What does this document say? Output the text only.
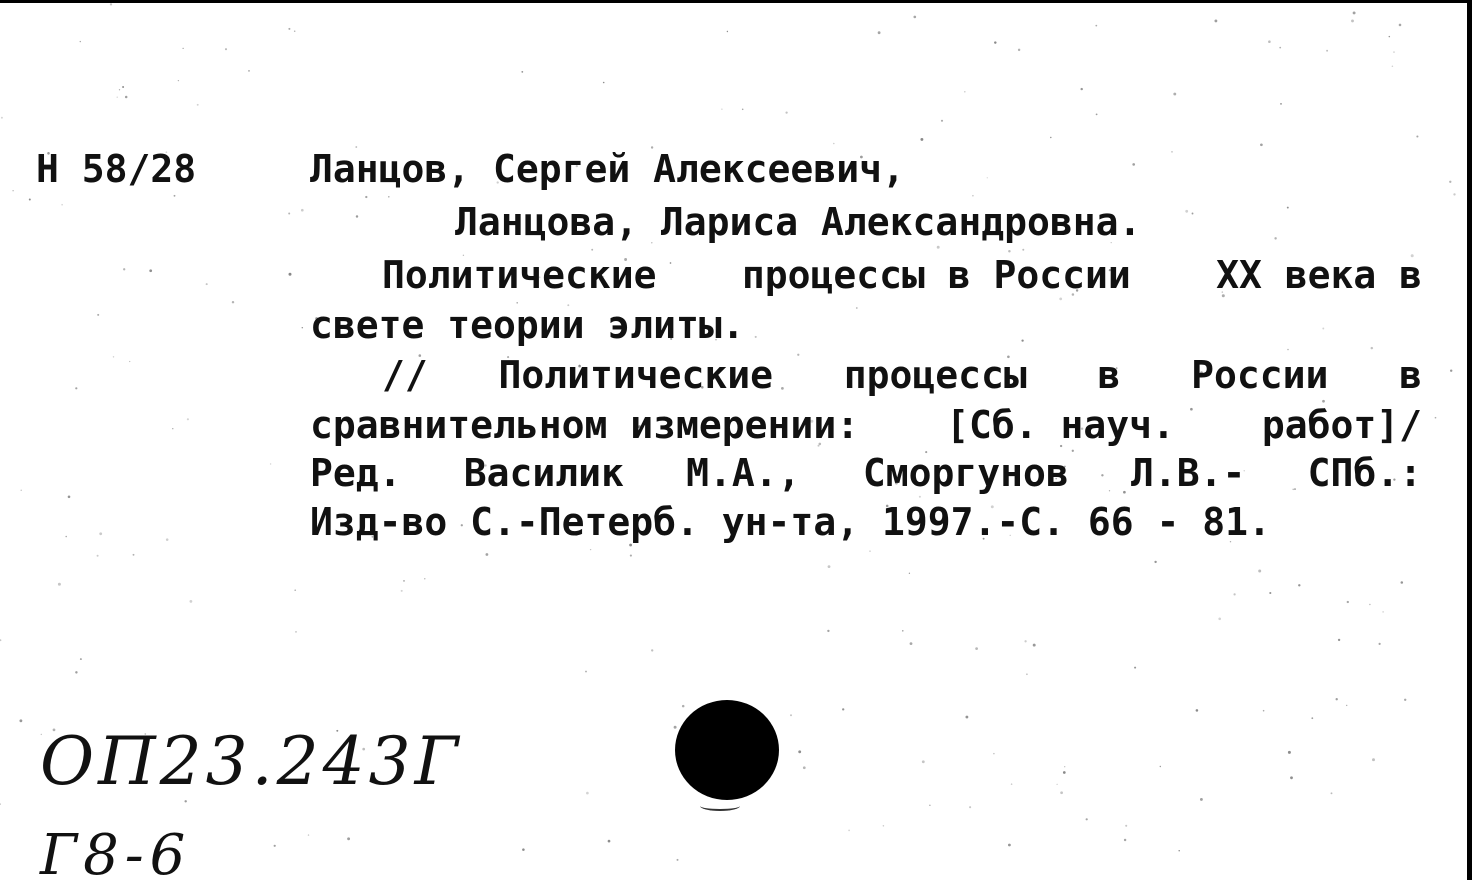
Н 58/28	Ланцов, Сергей Алексеевич,
Ланцова, Лариса Александровна.
Политические процессы в России XX века в
свете теории элиты.
// Политические процессы в России в
сравнительном измерении: [Сб. науч. работ]/
Ред. Василик М.А., Сморгунов Л.В.- СПб.:
Изд-во С.-Петерб. ун-та, 1997.-С. 66 - 81.
ОП23.243Г
Г8-6
